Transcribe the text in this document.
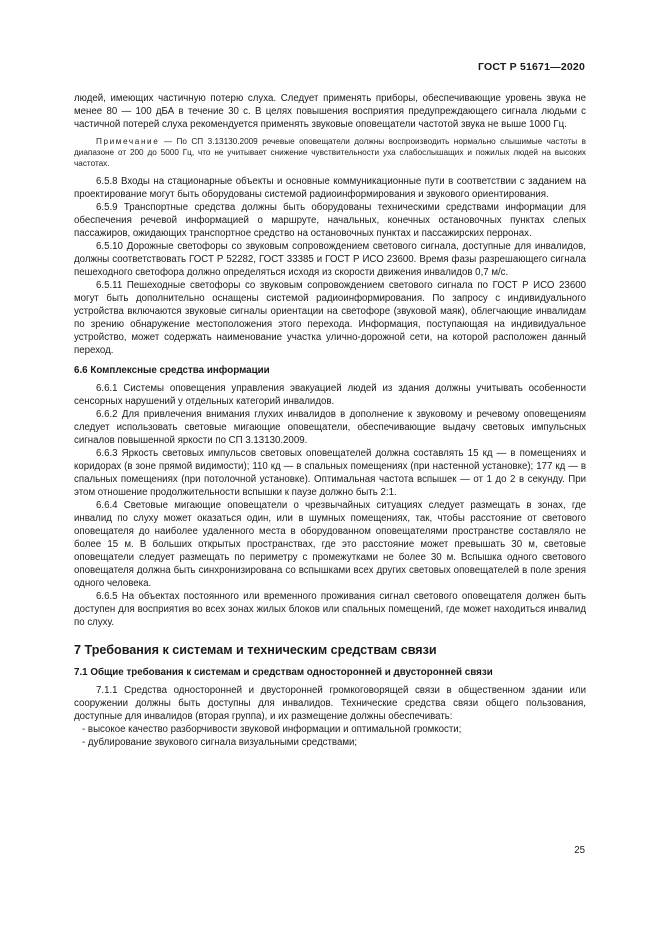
ГОСТ Р 51671—2020

людей, имеющих частичную потерю слуха. Следует применять приборы, обеспечивающие уровень звука не менее 80 — 100 дБА в течение 30 с. В целях повышения восприятия предупреждающего сигнала людьми с частичной потерей слуха рекомендуется применять звуковые оповещатели частотой звука не выше 1000 Гц.

Примечание — По СП 3.13130.2009 речевые оповещатели должны воспроизводить нормально слышимые частоты в диапазоне от 200 до 5000 Гц, что не учитывает снижение чувствительности уха слабослышащих и пожилых людей на высоких частотах.

6.5.8 Входы на стационарные объекты и основные коммуникационные пути в соответствии с заданием на проектирование могут быть оборудованы системой радиоинформирования и звукового ориентирования.

6.5.9 Транспортные средства должны быть оборудованы техническими средствами информации для обеспечения речевой информацией о маршруте, начальных, конечных остановочных пунктах слепых пассажиров, ожидающих транспортное средство на остановочных пунктах и пассажирских перронах.

6.5.10 Дорожные светофоры со звуковым сопровождением светового сигнала, доступные для инвалидов, должны соответствовать ГОСТ Р 52282, ГОСТ 33385 и ГОСТ Р ИСО 23600. Время фазы разрешающего сигнала пешеходного светофора должно определяться исходя из скорости движения инвалидов 0,7 м/с.

6.5.11 Пешеходные светофоры со звуковым сопровождением светового сигнала по ГОСТ Р ИСО 23600 могут быть дополнительно оснащены системой радиоинформирования. По запросу с индивидуального устройства включаются звуковые сигналы ориентации на светофоре (звуковой маяк), облегчающие инвалидам по зрению обнаружение местоположения этого перехода. Информация, поступающая на индивидуальное устройство, может содержать наименование участка улично-дорожной сети, на которой расположен данный переход.

6.6 Комплексные средства информации

6.6.1 Системы оповещения управления эвакуацией людей из здания должны учитывать особенности сенсорных нарушений у отдельных категорий инвалидов.

6.6.2 Для привлечения внимания глухих инвалидов в дополнение к звуковому и речевому оповещениям следует использовать световые мигающие оповещатели, обеспечивающие выдачу световых импульсных сигналов повышенной яркости по СП 3.13130.2009.

6.6.3 Яркость световых импульсов световых оповещателей должна составлять 15 кд — в помещениях и коридорах (в зоне прямой видимости); 110 кд — в спальных помещениях (при настенной установке); 177 кд — в спальных помещениях (при потолочной установке). Оптимальная частота вспышек — от 1 до 2 в секунду. При этом отношение продолжительности вспышки к паузе должно быть 2:1.

6.6.4 Световые мигающие оповещатели о чрезвычайных ситуациях следует размещать в зонах, где инвалид по слуху может оказаться один, или в шумных помещениях, так, чтобы расстояние от светового оповещателя до наиболее удаленного места в оборудованном оповещателями пространстве составляло не более 15 м. В больших открытых пространствах, где это расстояние может превышать 30 м, световые оповещатели следует размещать по периметру с промежутками не более 30 м. Вспышка одного светового оповещателя должна быть синхронизирована со вспышками всех других световых оповещателей в поле зрения одного человека.

6.6.5 На объектах постоянного или временного проживания сигнал светового оповещателя должен быть доступен для восприятия во всех зонах жилых блоков или спальных помещений, где может находиться инвалид по слуху.

7 Требования к системам и техническим средствам связи
7.1 Общие требования к системам и средствам односторонней и двусторонней связи

7.1.1 Средства односторонней и двусторонней громкоговорящей связи в общественном здании или сооружении должны быть доступны для инвалидов. Технические средства связи общего пользования, доступные для инвалидов (вторая группа), и их размещение должны обеспечивать:

- высокое качество разборчивости звуковой информации и оптимальной громкости;
- дублирование звукового сигнала визуальными средствами;
25
